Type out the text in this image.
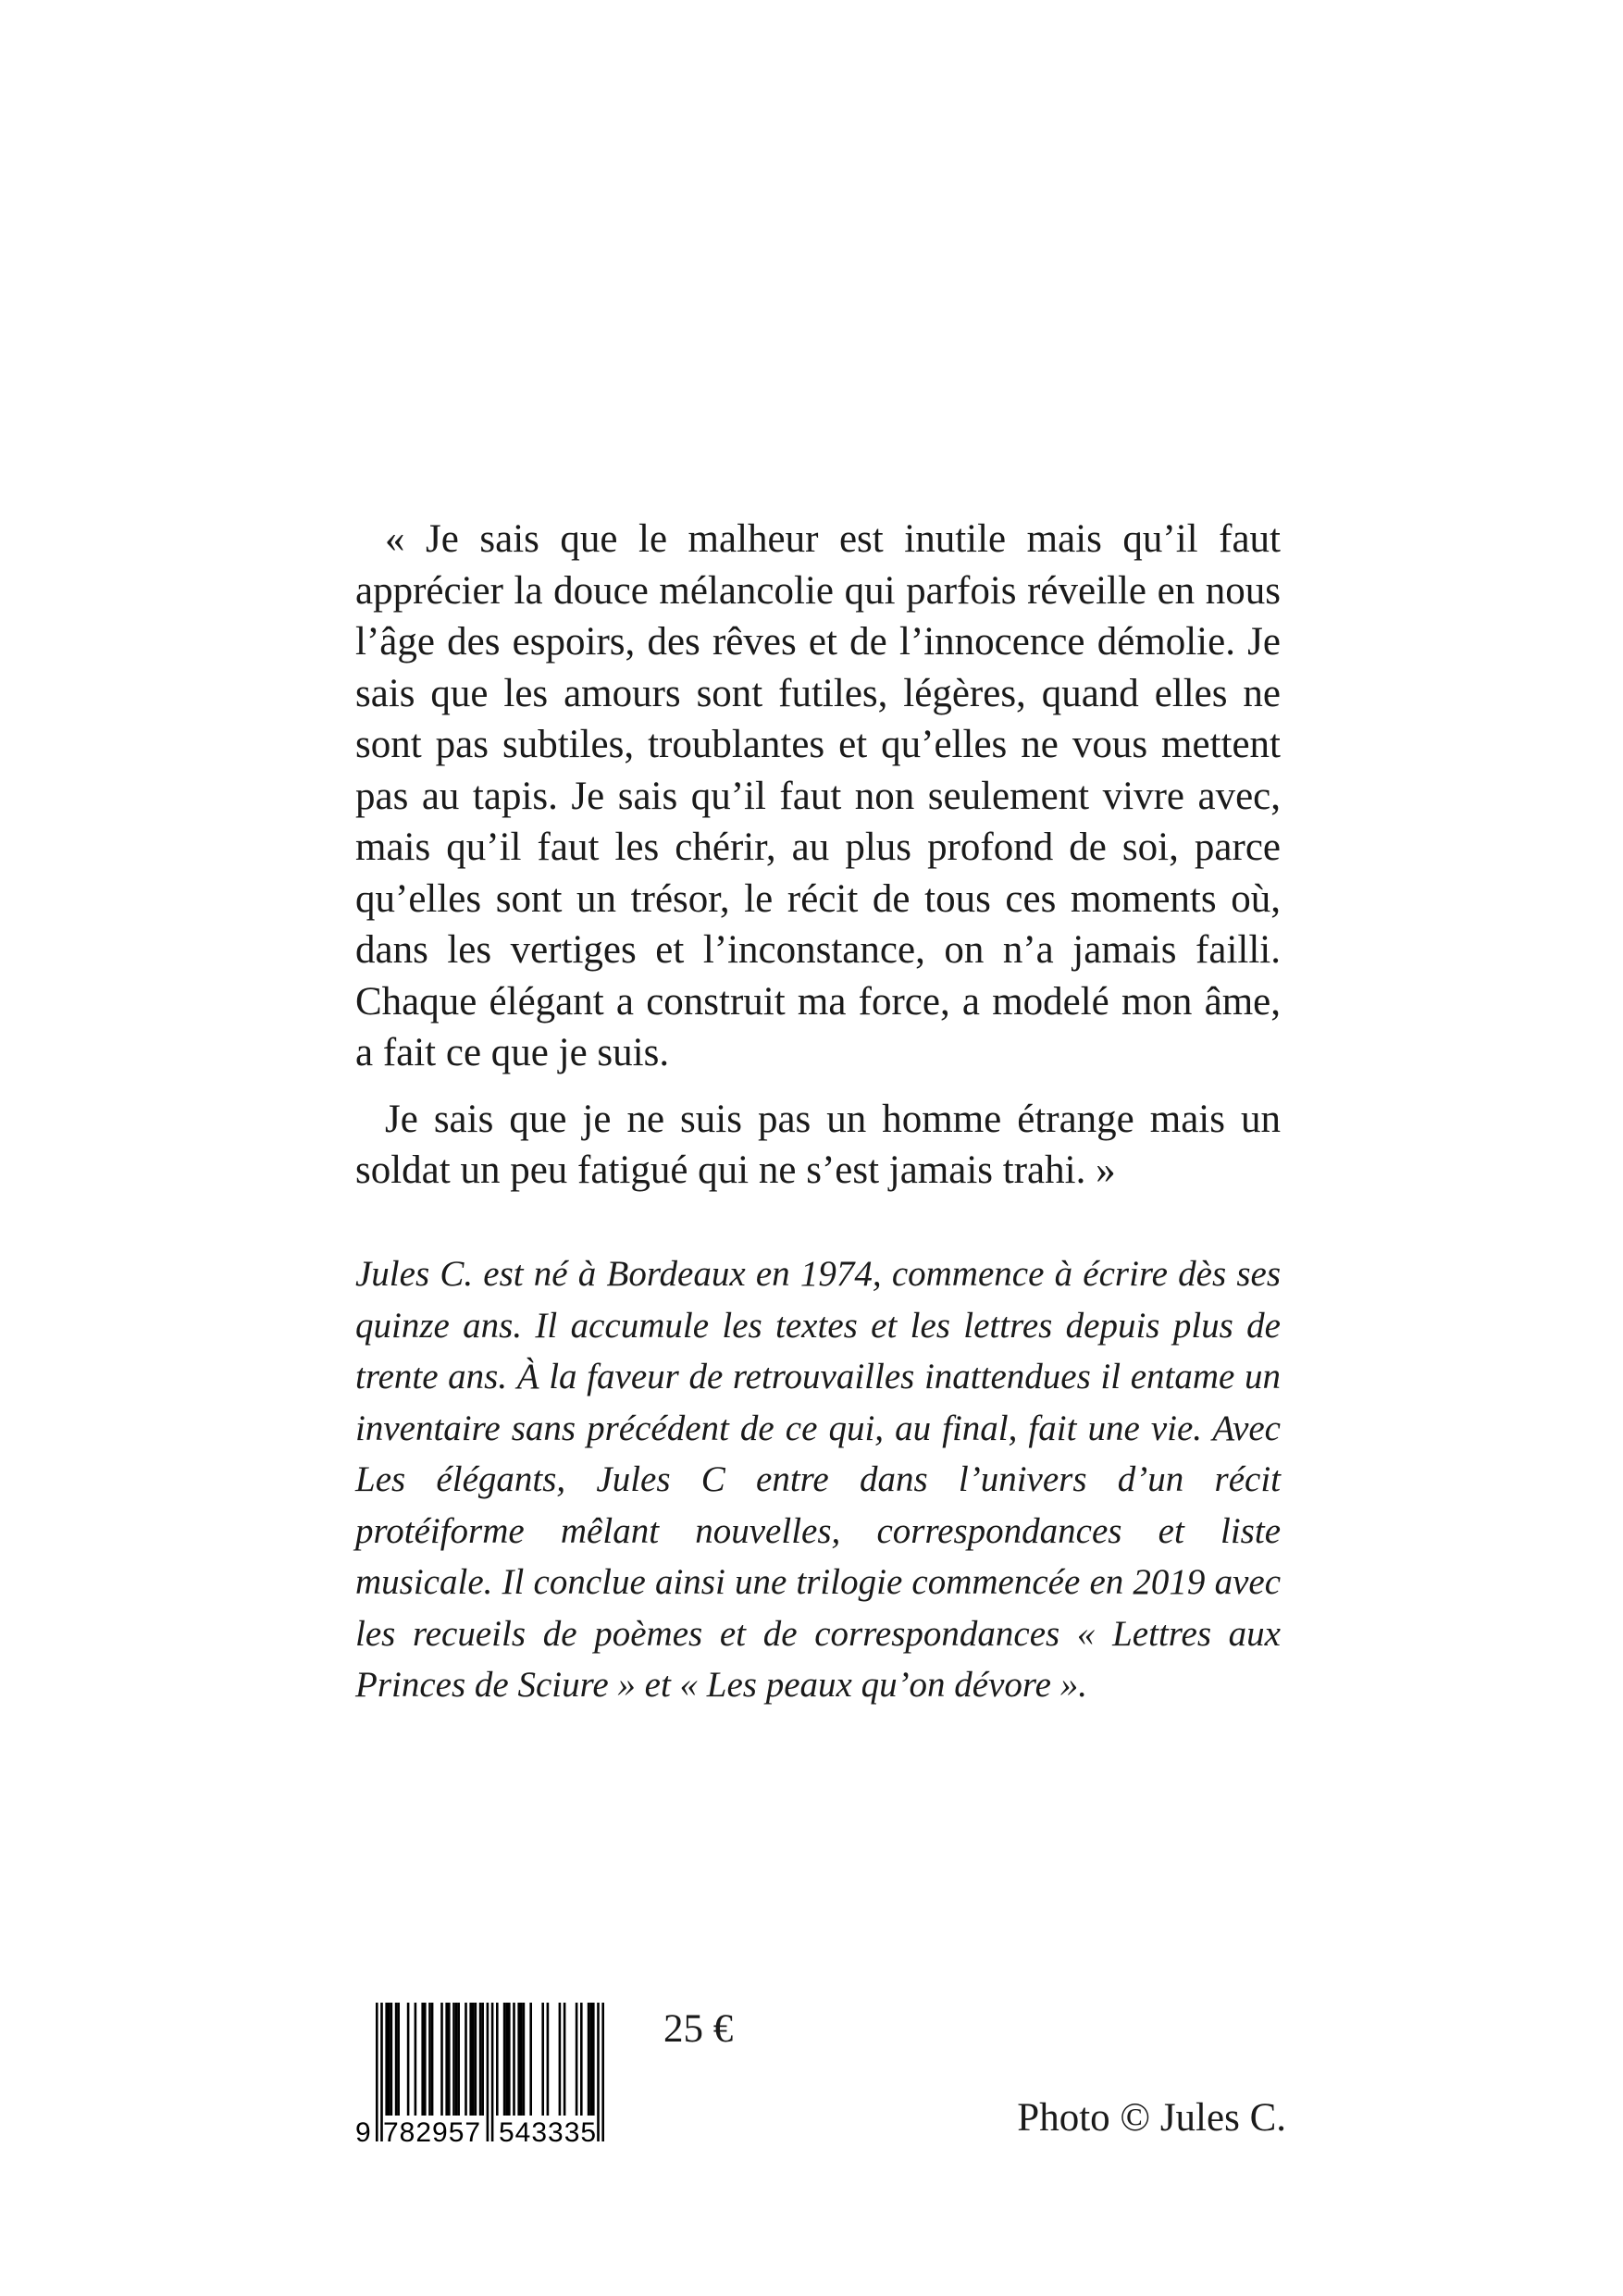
« Je sais que le malheur est inutile mais qu’il faut apprécier la douce mélancolie qui parfois réveille en nous l’âge des espoirs, des rêves et de l’innocence démolie. Je sais que les amours sont futiles, légères, quand elles ne sont pas subtiles, troublantes et qu’elles ne vous mettent pas au tapis. Je sais qu’il faut non seulement vivre avec, mais qu’il faut les chérir, au plus profond de soi, parce qu’elles sont un trésor, le récit de tous ces moments où, dans les vertiges et l’inconstance, on n’a jamais failli. Chaque élégant a construit ma force, a modelé mon âme, a fait ce que je suis.

Je sais que je ne suis pas un homme étrange mais un soldat un peu fatigué qui ne s’est jamais trahi. »

Jules C. est né à Bordeaux en 1974, commence à écrire dès ses quinze ans. Il accumule les textes et les lettres depuis plus de trente ans. À la faveur de retrouvailles inattendues il entame un inventaire sans précédent de ce qui, au final, fait une vie. Avec Les élégants, Jules C entre dans l’univers d’un récit protéiforme mêlant nouvelles, correspondances et liste musicale. Il conclue ainsi une trilogie commencée en 2019 avec les recueils de poèmes et de correspondances « Lettres aux Princes de Sciure » et « Les peaux qu’on dévore ».

9 782957 543335
25 €
Photo © Jules C.
